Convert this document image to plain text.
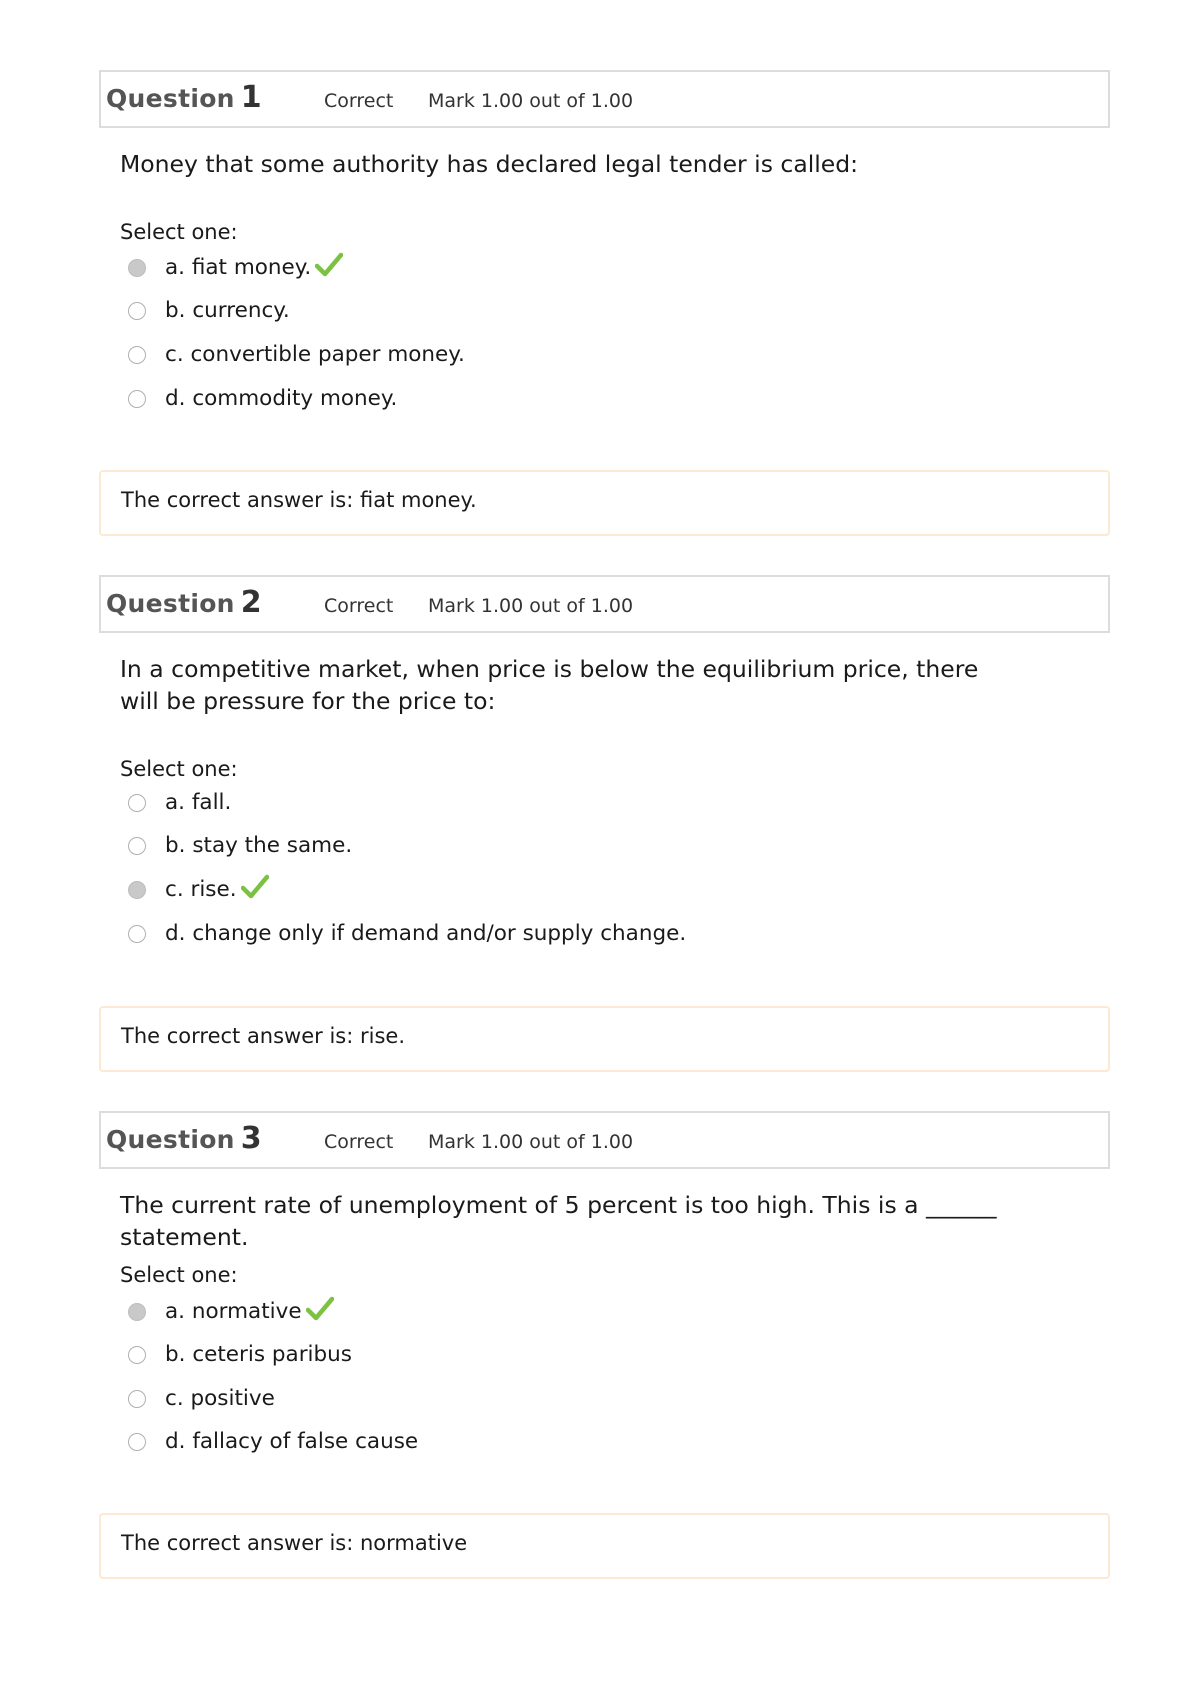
Question 1	Correct Mark 1.00 out of 1.00
Money that some authority has declared legal tender is called:
Select one:
a. fiat money.
b. currency.
c. convertible paper money.
d. commodity money.
The correct answer is: fiat money.
Question 2	Correct Mark 1.00 out of 1.00
In a competitive market, when price is below the equilibrium price, there will be pressure for the price to:
Select one:
a. fall.
b. stay the same.
c. rise.
d. change only if demand and/or supply change.
The correct answer is: rise.
Question 3	Correct Mark 1.00 out of 1.00
The current rate of unemployment of 5 percent is too high. This is a ______ statement.
Select one:
a. normative
b. ceteris paribus
c. positive
d. fallacy of false cause
The correct answer is: normative
